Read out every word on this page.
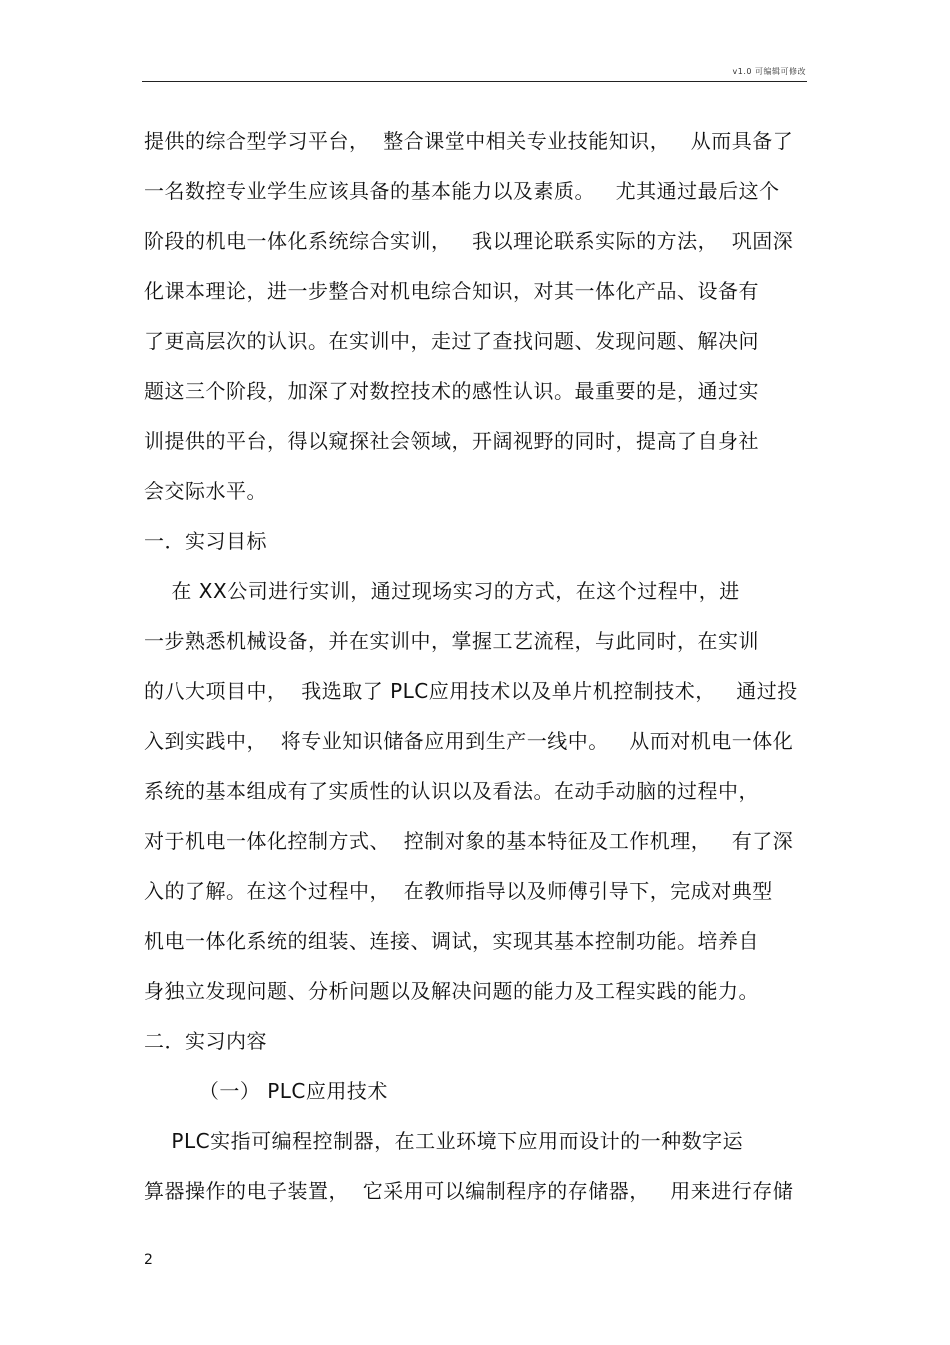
v1.0 可编辑可修改
提供的综合型学习平台，  整合课堂中相关专业技能知识，   从而具备了
一名数控专业学生应该具备的基本能力以及素质。   尤其通过最后这个
阶段的机电一体化系统综合实训，   我以理论联系实际的方法，  巩固深
化课本理论，进一步整合对机电综合知识，对其一体化产品、设备有
了更高层次的认识。在实训中，走过了查找问题、发现问题、解决问
题这三个阶段，加深了对数控技术的感性认识。最重要的是，通过实
训提供的平台，得以窥探社会领域，开阔视野的同时，提高了自身社
会交际水平。
一．实习目标
在 XX公司进行实训，通过现场实习的方式，在这个过程中，进
一步熟悉机械设备，并在实训中，掌握工艺流程，与此同时，在实训
的八大项目中，  我选取了 PLC应用技术以及单片机控制技术，   通过投
入到实践中，  将专业知识储备应用到生产一线中。   从而对机电一体化
系统的基本组成有了实质性的认识以及看法。在动手动脑的过程中，
对于机电一体化控制方式、  控制对象的基本特征及工作机理，   有了深
入的了解。在这个过程中，  在教师指导以及师傅引导下，完成对典型
机电一体化系统的组装、连接、调试，实现其基本控制功能。培养自
身独立发现问题、分析问题以及解决问题的能力及工程实践的能力。
二．实习内容
（一） PLC应用技术
PLC实指可编程控制器，在工业环境下应用而设计的一种数字运
算器操作的电子装置，  它采用可以编制程序的存储器，   用来进行存储
2
